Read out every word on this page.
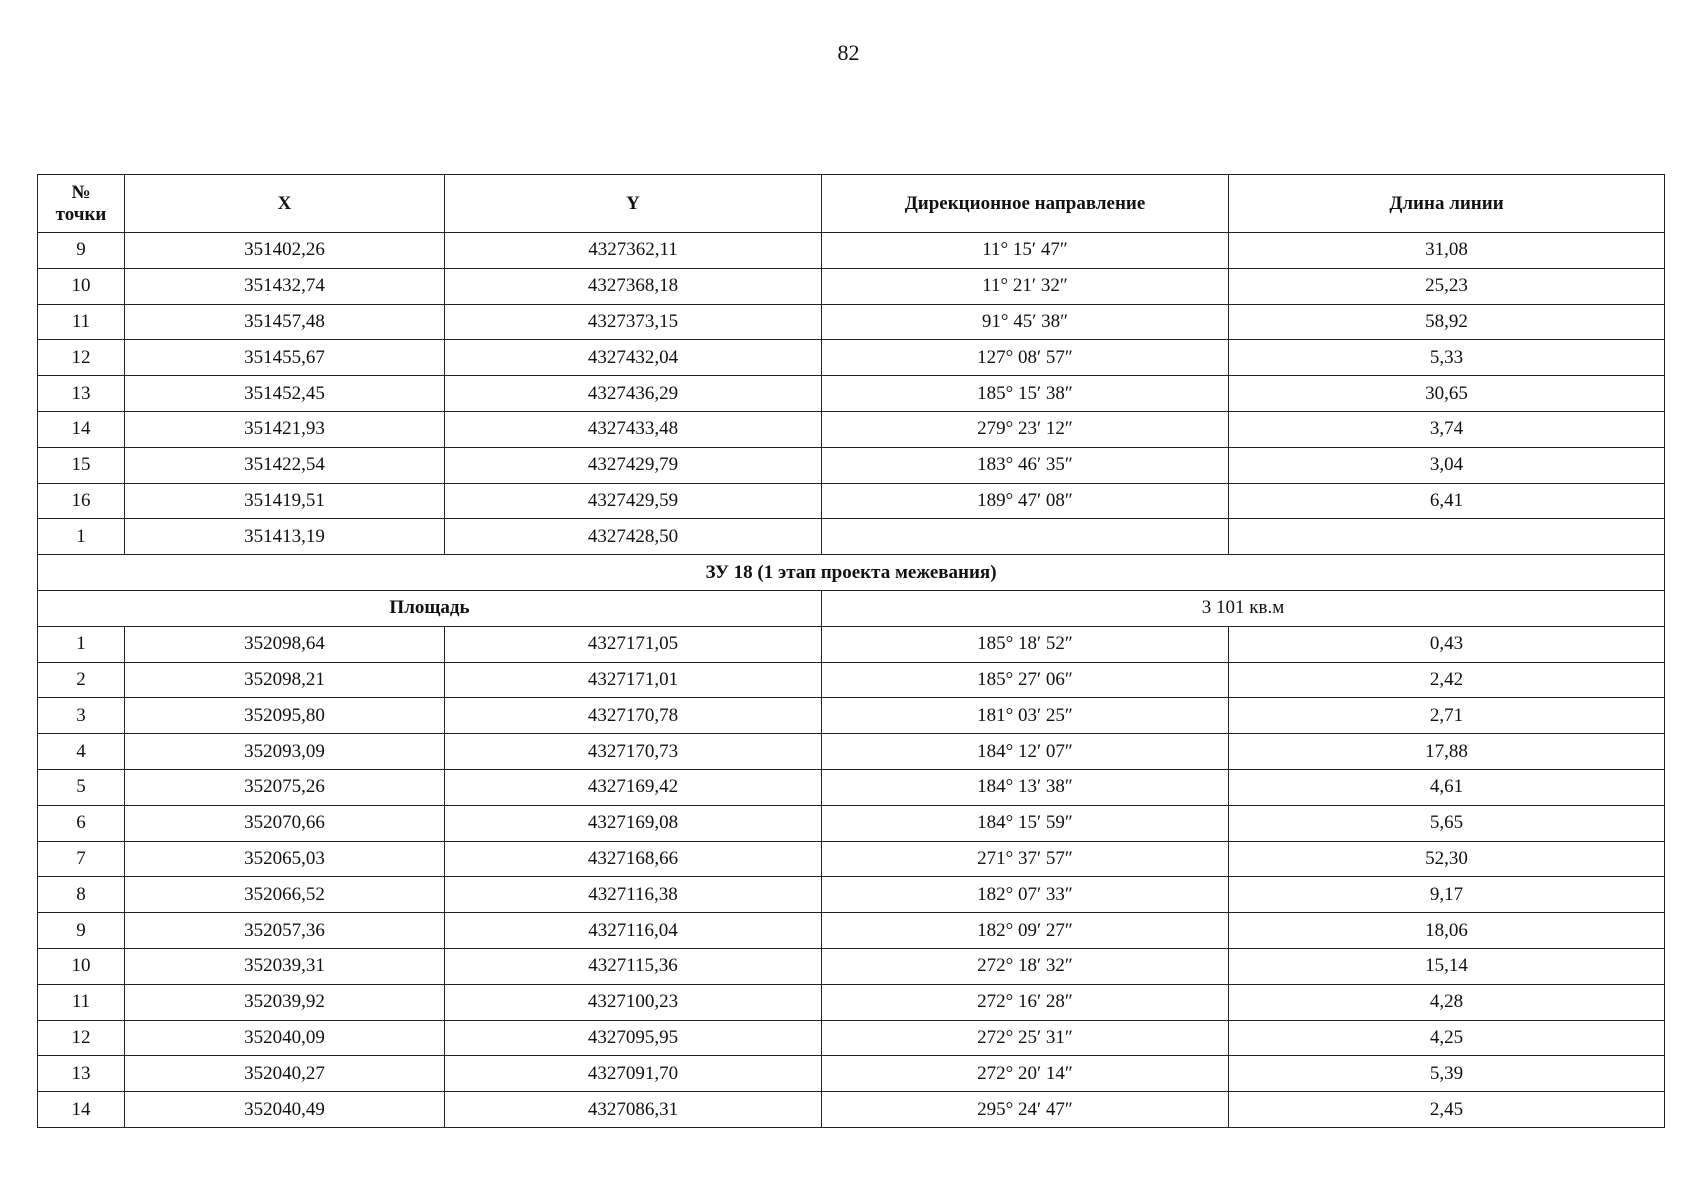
82
№ точки	X	Y	Дирекционное направление	Длина линии
9	351402,26	4327362,11	11° 15′ 47″	31,08
10	351432,74	4327368,18	11° 21′ 32″	25,23
11	351457,48	4327373,15	91° 45′ 38″	58,92
12	351455,67	4327432,04	127° 08′ 57″	5,33
13	351452,45	4327436,29	185° 15′ 38″	30,65
14	351421,93	4327433,48	279° 23′ 12″	3,74
15	351422,54	4327429,79	183° 46′ 35″	3,04
16	351419,51	4327429,59	189° 47′ 08″	6,41
1	351413,19	4327428,50		
ЗУ 18 (1 этап проекта межевания)				
Площадь			3 101 кв.м	
1	352098,64	4327171,05	185° 18′ 52″	0,43
2	352098,21	4327171,01	185° 27′ 06″	2,42
3	352095,80	4327170,78	181° 03′ 25″	2,71
4	352093,09	4327170,73	184° 12′ 07″	17,88
5	352075,26	4327169,42	184° 13′ 38″	4,61
6	352070,66	4327169,08	184° 15′ 59″	5,65
7	352065,03	4327168,66	271° 37′ 57″	52,30
8	352066,52	4327116,38	182° 07′ 33″	9,17
9	352057,36	4327116,04	182° 09′ 27″	18,06
10	352039,31	4327115,36	272° 18′ 32″	15,14
11	352039,92	4327100,23	272° 16′ 28″	4,28
12	352040,09	4327095,95	272° 25′ 31″	4,25
13	352040,27	4327091,70	272° 20′ 14″	5,39
14	352040,49	4327086,31	295° 24′ 47″	2,45
